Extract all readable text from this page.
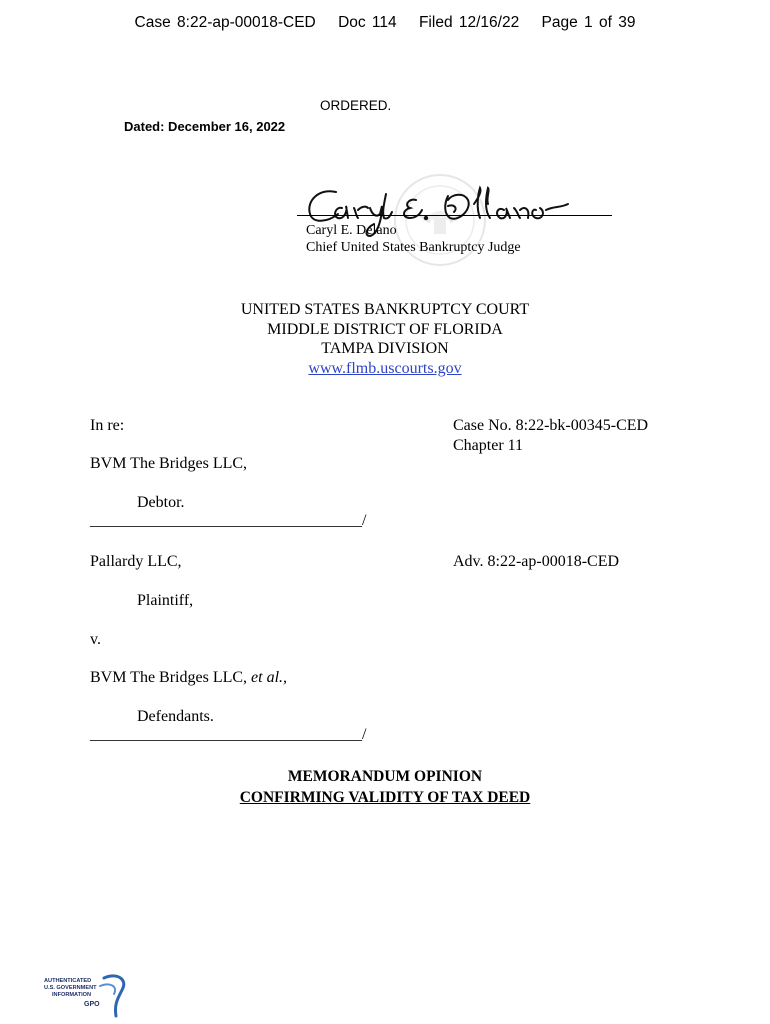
Case 8:22-ap-00018-CED Doc 114 Filed 12/16/22 Page 1 of 39
ORDERED.
Dated: December 16, 2022
Caryl E. Delano
Chief United States Bankruptcy Judge
UNITED STATES BANKRUPTCY COURT
MIDDLE DISTRICT OF FLORIDA
TAMPA DIVISION
www.flmb.uscourts.gov
In re:	Case No. 8:22-bk-00345-CED
Chapter 11
BVM The Bridges LLC,
Debtor.
__________________________________/
Pallardy LLC,	Adv. 8:22-ap-00018-CED
Plaintiff,
v.
BVM The Bridges LLC, et al.,
Defendants.
__________________________________/
MEMORANDUM OPINION
CONFIRMING VALIDITY OF TAX DEED
AUTHENTICATED
U.S. GOVERNMENT
INFORMATION
GPO
